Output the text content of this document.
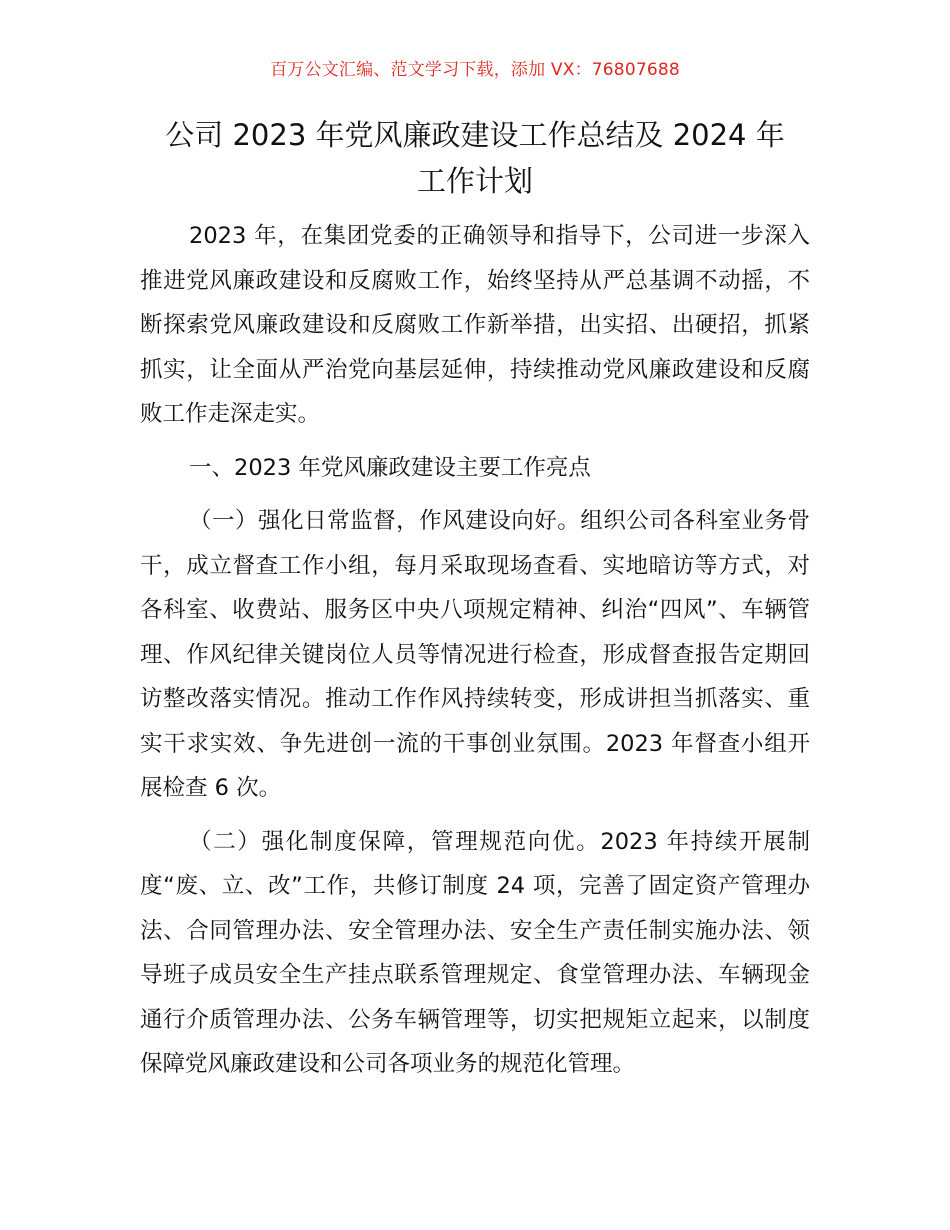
百万公文汇编、范文学习下载，添加 VX：76807688
公司 2023 年党风廉政建设工作总结及 2024 年
工作计划

2023 年，在集团党委的正确领导和指导下，公司进一步深入推进党风廉政建设和反腐败工作，始终坚持从严总基调不动摇，不断探索党风廉政建设和反腐败工作新举措，出实招、出硬招，抓紧抓实，让全面从严治党向基层延伸，持续推动党风廉政建设和反腐败工作走深走实。

一、2023 年党风廉政建设主要工作亮点

（一）强化日常监督，作风建设向好。组织公司各科室业务骨干，成立督查工作小组，每月采取现场查看、实地暗访等方式，对各科室、收费站、服务区中央八项规定精神、纠治“四风”、车辆管理、作风纪律关键岗位人员等情况进行检查，形成督查报告定期回访整改落实情况。推动工作作风持续转变，形成讲担当抓落实、重实干求实效、争先进创一流的干事创业氛围。2023 年督查小组开展检查 6 次。

（二）强化制度保障，管理规范向优。2023 年持续开展制度“废、立、改”工作，共修订制度 24 项，完善了固定资产管理办法、合同管理办法、安全管理办法、安全生产责任制实施办法、领导班子成员安全生产挂点联系管理规定、食堂管理办法、车辆现金通行介质管理办法、公务车辆管理等，切实把规矩立起来，以制度保障党风廉政建设和公司各项业务的规范化管理。
